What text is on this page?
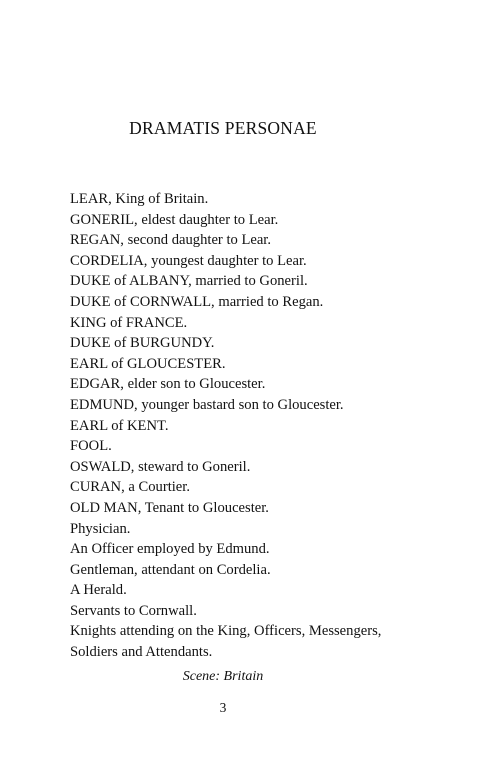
DRAMATIS PERSONAE
LEAR, King of Britain.
GONERIL, eldest daughter to Lear.
REGAN, second daughter to Lear.
CORDELIA, youngest daughter to Lear.
DUKE of ALBANY, married to Goneril.
DUKE of CORNWALL, married to Regan.
KING of FRANCE.
DUKE of BURGUNDY.
EARL of GLOUCESTER.
EDGAR, elder son to Gloucester.
EDMUND, younger bastard son to Gloucester.
EARL of KENT.
FOOL.
OSWALD, steward to Goneril.
CURAN, a Courtier.
OLD MAN, Tenant to Gloucester.
Physician.
An Officer employed by Edmund.
Gentleman, attendant on Cordelia.
A Herald.
Servants to Cornwall.
Knights attending on the King, Officers, Messengers, Soldiers and Attendants.
Scene: Britain
3
